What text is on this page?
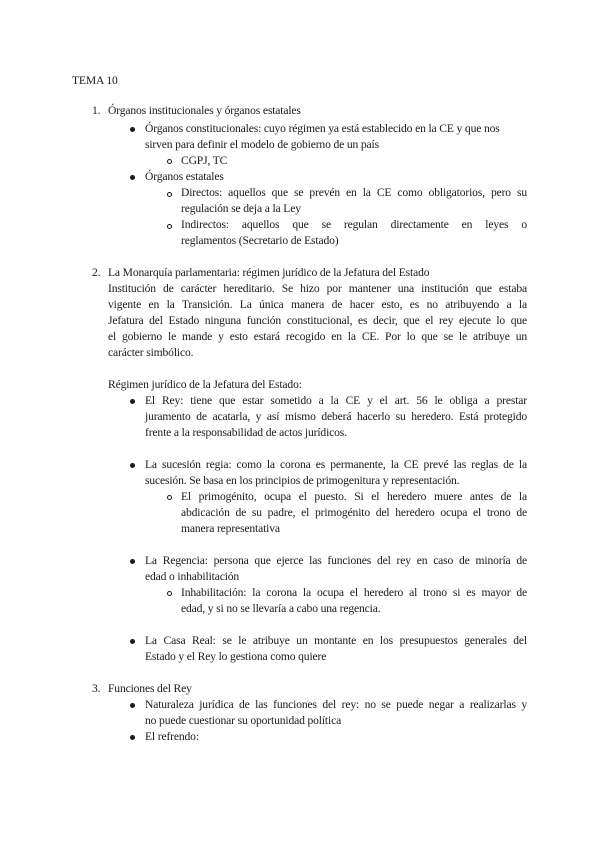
TEMA 10
1. Órganos institucionales y órganos estatales
Órganos constitucionales: cuyo régimen ya está establecido en la CE y que nos
sirven para definir el modelo de gobierno de un país
CGPJ, TC
Órganos estatales
Directos: aquellos que se prevén en la CE como obligatorios, pero su
regulación se deja a la Ley
Indirectos: aquellos que se regulan directamente en leyes o
reglamentos (Secretario de Estado)
2. La Monarquía parlamentaria: régimen jurídico de la Jefatura del Estado
Institución de carácter hereditario. Se hizo por mantener una institución que estaba
vigente en la Transición. La única manera de hacer esto, es no atribuyendo a la
Jefatura del Estado ninguna función constitucional, es decir, que el rey ejecute lo que
el gobierno le mande y esto estará recogido en la CE. Por lo que se le atribuye un
carácter simbólico.
Régimen jurídico de la Jefatura del Estado:
El Rey: tiene que estar sometido a la CE y el art. 56 le obliga a prestar
juramento de acatarla, y así mismo deberá hacerlo su heredero. Está protegido
frente a la responsabilidad de actos jurídicos.
La sucesión regia: como la corona es permanente, la CE prevé las reglas de la
sucesión. Se basa en los principios de primogenitura y representación.
El primogénito, ocupa el puesto. Si el heredero muere antes de la
abdicación de su padre, el primogénito del heredero ocupa el trono de
manera representativa
La Regencia: persona que ejerce las funciones del rey en caso de minoría de
edad o inhabilitación
Inhabilitación: la corona la ocupa el heredero al trono si es mayor de
edad, y si no se llevaría a cabo una regencia.
La Casa Real: se le atribuye un montante en los presupuestos generales del
Estado y el Rey lo gestiona como quiere
3. Funciones del Rey
Naturaleza jurídica de las funciones del rey: no se puede negar a realizarlas y
no puede cuestionar su oportunidad política
El refrendo:
